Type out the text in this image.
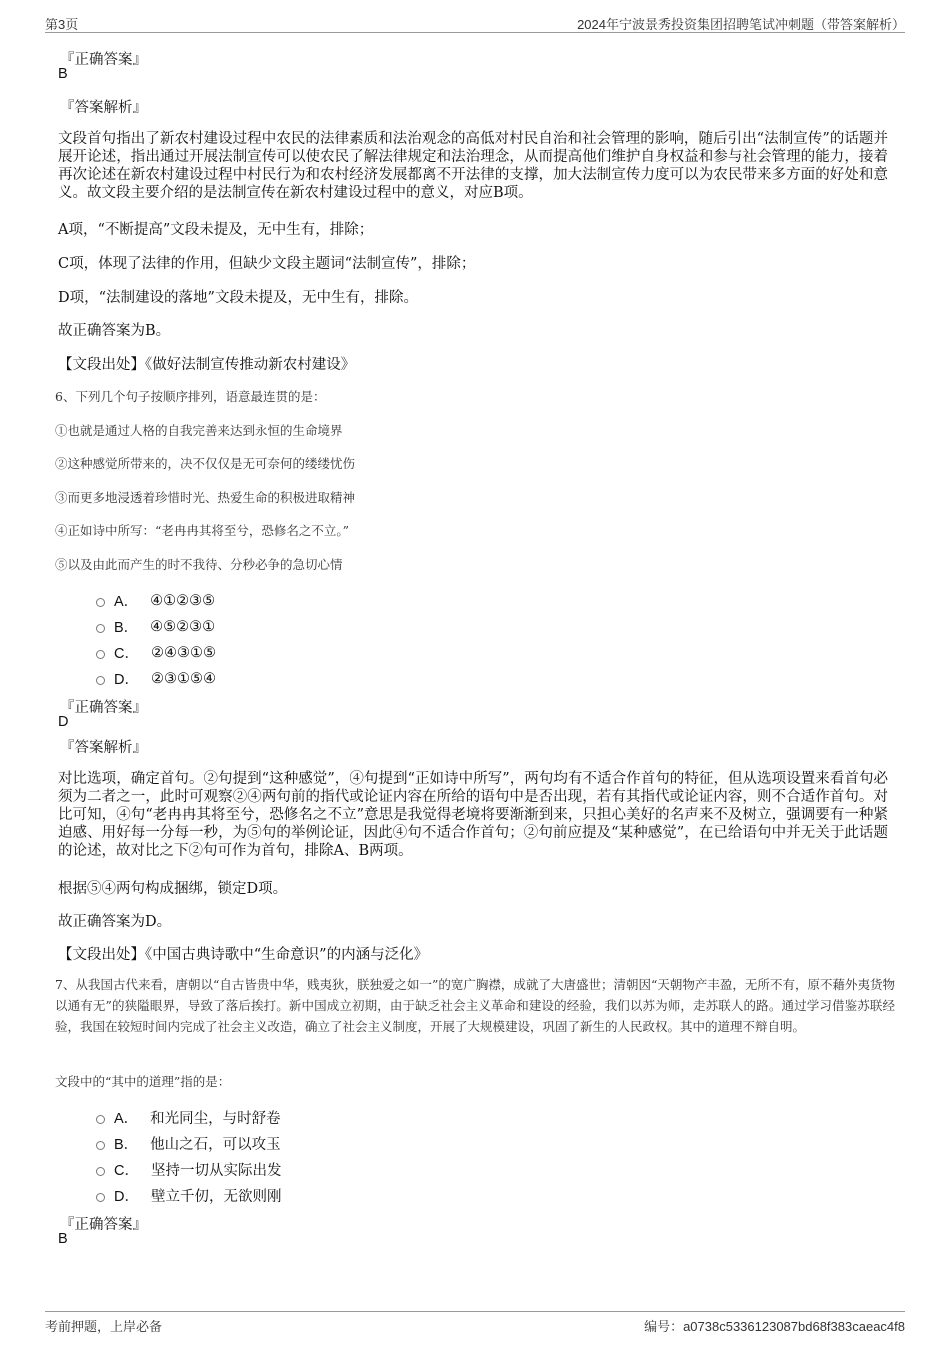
第3页	2024年宁波景秀投资集团招聘笔试冲刺题（带答案解析）
『正确答案』
B
『答案解析』
文段首句指出了新农村建设过程中农民的法律素质和法治观念的高低对村民自治和社会管理的影响，随后引出“法制宣传”的话题并展开论述，指出通过开展法制宣传可以使农民了解法律规定和法治理念，从而提高他们维护自身权益和参与社会管理的能力，接着再次论述在新农村建设过程中村民行为和农村经济发展都离不开法律的支撑，加大法制宣传力度可以为农民带来多方面的好处和意义。故文段主要介绍的是法制宣传在新农村建设过程中的意义，对应B项。
A项，“不断提高”文段未提及，无中生有，排除；
C项，体现了法律的作用，但缺少文段主题词“法制宣传”，排除；
D项，“法制建设的落地”文段未提及，无中生有，排除。
故正确答案为B。
【文段出处】《做好法制宣传推动新农村建设》
6、下列几个句子按顺序排列，语意最连贯的是：
①也就是通过人格的自我完善来达到永恒的生命境界
②这种感觉所带来的，决不仅仅是无可奈何的缕缕忧伤
③而更多地浸透着珍惜时光、热爱生命的积极进取精神
④正如诗中所写：“老冉冉其将至兮，恐修名之不立。”
⑤以及由此而产生的时不我待、分秒必争的急切心情
A． ④①②③⑤
B． ④⑤②③①
C． ②④③①⑤
D． ②③①⑤④
『正确答案』
D
『答案解析』
对比选项，确定首句。②句提到“这种感觉”，④句提到“正如诗中所写”，两句均有不适合作首句的特征，但从选项设置来看首句必须为二者之一，此时可观察②④两句前的指代或论证内容在所给的语句中是否出现，若有其指代或论证内容，则不合适作首句。对比可知，④句“老冉冉其将至兮，恐修名之不立”意思是我觉得老境将要渐渐到来，只担心美好的名声来不及树立，强调要有一种紧迫感、用好每一分每一秒，为⑤句的举例论证，因此④句不适合作首句；②句前应提及“某种感觉”，在已给语句中并无关于此话题的论述，故对比之下②句可作为首句，排除A、B两项。
根据⑤④两句构成捆绑，锁定D项。
故正确答案为D。
【文段出处】《中国古典诗歌中“生命意识”的内涵与泛化》
7、从我国古代来看，唐朝以“自古皆贵中华，贱夷狄，朕独爱之如一”的宽广胸襟，成就了大唐盛世；清朝因“天朝物产丰盈，无所不有，原不藉外夷货物以通有无”的狭隘眼界，导致了落后挨打。新中国成立初期，由于缺乏社会主义革命和建设的经验，我们以苏为师，走苏联人的路。通过学习借鉴苏联经验，我国在较短时间内完成了社会主义改造，确立了社会主义制度，开展了大规模建设，巩固了新生的人民政权。其中的道理不辩自明。
文段中的“其中的道理”指的是：
A． 和光同尘，与时舒卷
B． 他山之石，可以攻玉
C． 坚持一切从实际出发
D． 壁立千仞，无欲则刚
『正确答案』
B
考前押题，上岸必备	编号：a0738c5336123087bd68f383caeac4f8
